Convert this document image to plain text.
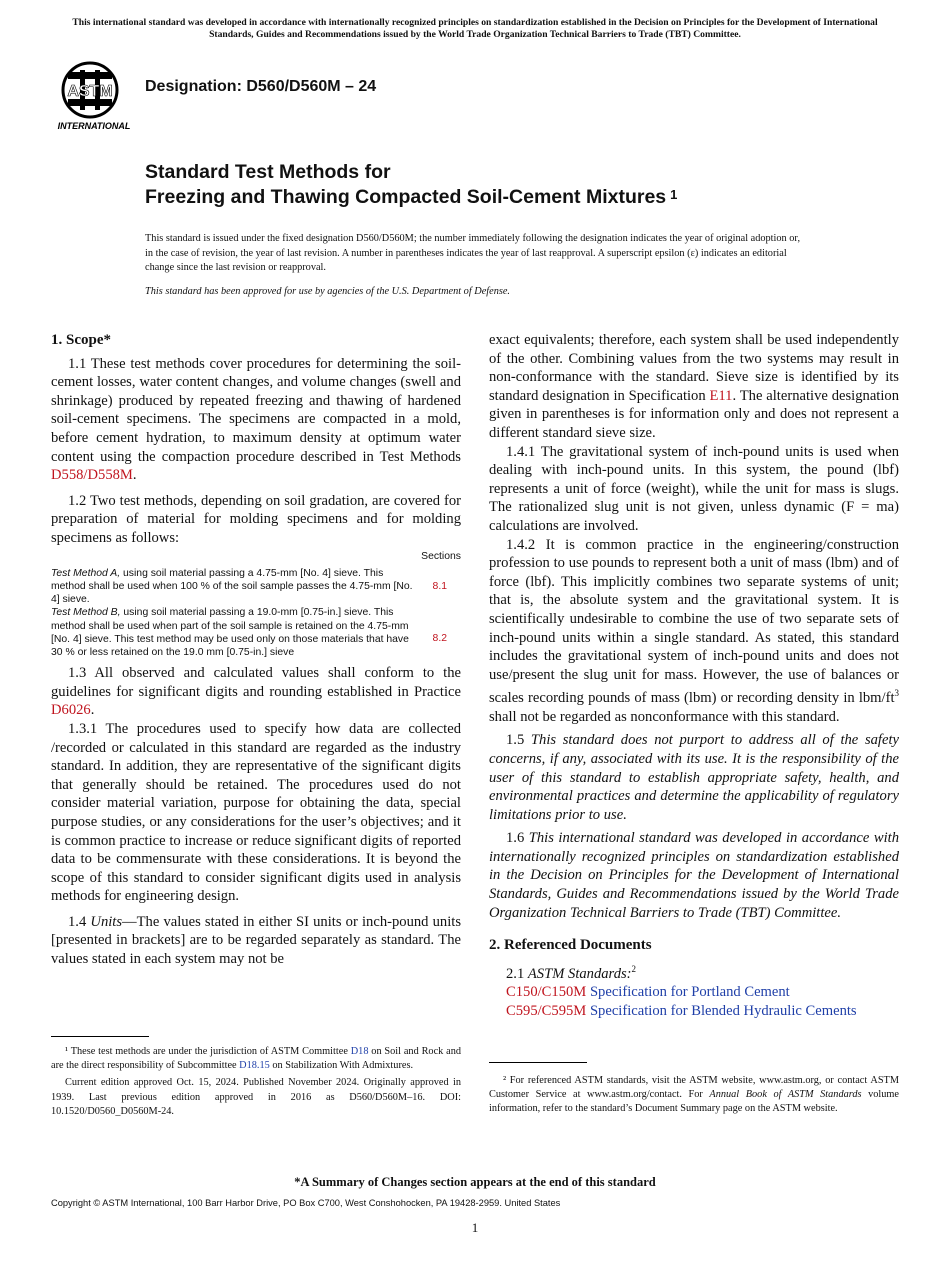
This international standard was developed in accordance with internationally recognized principles on standardization established in the Decision on Principles for the Development of International Standards, Guides and Recommendations issued by the World Trade Organization Technical Barriers to Trade (TBT) Committee.
ASTM
INTERNATIONAL
Designation: D560/D560M – 24
Standard Test Methods for
Freezing and Thawing Compacted Soil-Cement Mixtures $^1$
This standard is issued under the fixed designation D560/D560M; the number immediately following the designation indicates the year of original adoption or, in the case of revision, the year of last revision. A number in parentheses indicates the year of last reapproval. A superscript epsilon (ε) indicates an editorial change since the last revision or reapproval.
This standard has been approved for use by agencies of the U.S. Department of Defense.

1. Scope*

1.1 These test methods cover procedures for determining the soil-cement losses, water content changes, and volume changes (swell and shrinkage) produced by repeated freezing and thawing of hardened soil-cement specimens. The specimens are compacted in a mold, before cement hydration, to maximum density at optimum water content using the compaction procedure described in Test Methods D558/D558M.

1.2 Two test methods, depending on soil gradation, are covered for preparation of material for molding specimens and for molding specimens as follows:

Sections
Test Method A, using soil material passing a 4.75-mm [No. 4] sieve. This method shall be used when 100 % of the soil sample passes the 4.75-mm [No. 4] sieve.
8.1
Test Method B, using soil material passing a 19.0-mm [0.75-in.] sieve. This method shall be used when part of the soil sample is retained on the 4.75-mm [No. 4] sieve. This test method may be used only on those materials that have 30 % or less retained on the 19.0 mm [0.75-in.] sieve
8.2

1.3 All observed and calculated values shall conform to the guidelines for significant digits and rounding established in Practice D6026.

1.3.1 The procedures used to specify how data are collected /recorded or calculated in this standard are regarded as the industry standard. In addition, they are representative of the significant digits that generally should be retained. The procedures used do not consider material variation, purpose for obtaining the data, special purpose studies, or any considerations for the user’s objectives; and it is common practice to increase or reduce significant digits of reported data to be commensurate with these considerations. It is beyond the scope of this standard to consider significant digits used in analysis methods for engineering design.

1.4 Units—The values stated in either SI units or inch-pound units [presented in brackets] are to be regarded separately as standard. The values stated in each system may not be

exact equivalents; therefore, each system shall be used independently of the other. Combining values from the two systems may result in non-conformance with the standard. Sieve size is identified by its standard designation in Specification E11. The alternative designation given in parentheses is for information only and does not represent a different standard sieve size.

1.4.1 The gravitational system of inch-pound units is used when dealing with inch-pound units. In this system, the pound (lbf) represents a unit of force (weight), while the unit for mass is slugs. The rationalized slug unit is not given, unless dynamic (F = ma) calculations are involved.

1.4.2 It is common practice in the engineering/construction profession to use pounds to represent both a unit of mass (lbm) and of force (lbf). This implicitly combines two separate systems of unit; that is, the absolute system and the gravitational system. It is scientifically undesirable to combine the use of two separate sets of inch-pound units within a single standard. As stated, this standard includes the gravitational system of inch-pound units and does not use/present the slug unit for mass. However, the use of balances or scales recording pounds of mass (lbm) or recording density in lbm/$ft^3$ shall not be regarded as nonconformance with this standard.

1.5 This standard does not purport to address all of the safety concerns, if any, associated with its use. It is the responsibility of the user of this standard to establish appropriate safety, health, and environmental practices and determine the applicability of regulatory limitations prior to use.

1.6 This international standard was developed in accordance with internationally recognized principles on standardization established in the Decision on Principles for the Development of International Standards, Guides and Recommendations issued by the World Trade Organization Technical Barriers to Trade (TBT) Committee.

2. Referenced Documents

2.1 ASTM Standards:$^2$

C150/C150M Specification for Portland Cement
C595/C595M Specification for Blended Hydraulic Cements

¹ These test methods are under the jurisdiction of ASTM Committee D18 on Soil and Rock and are the direct responsibility of Subcommittee D18.15 on Stabilization With Admixtures.

Current edition approved Oct. 15, 2024. Published November 2024. Originally approved in 1939. Last previous edition approved in 2016 as D560/D560M–16. DOI: 10.1520/D0560_D0560M-24.

² For referenced ASTM standards, visit the ASTM website, www.astm.org, or contact ASTM Customer Service at www.astm.org/contact. For Annual Book of ASTM Standards volume information, refer to the standard’s Document Summary page on the ASTM website.

*A Summary of Changes section appears at the end of this standard
Copyright © ASTM International, 100 Barr Harbor Drive, PO Box C700, West Conshohocken, PA 19428-2959. United States
1
